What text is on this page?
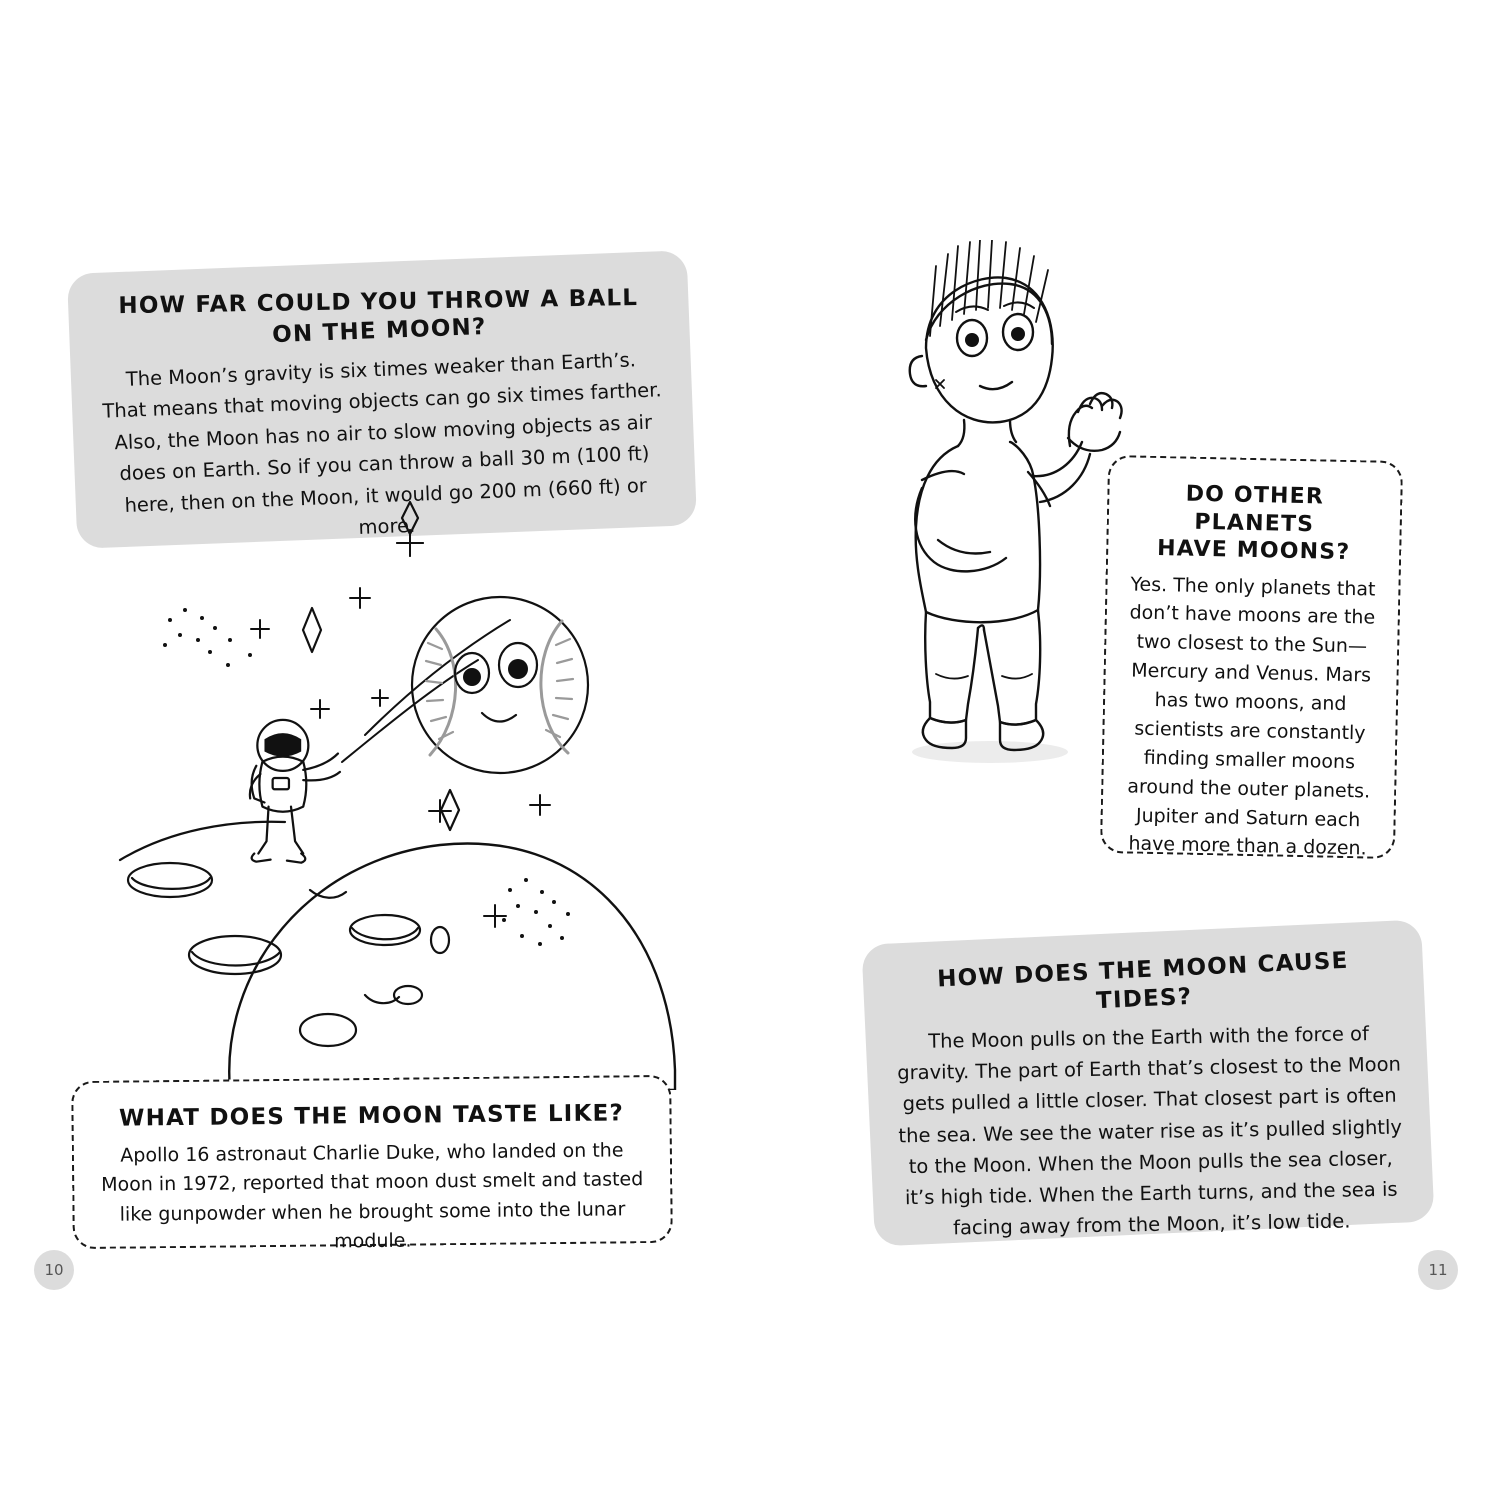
HOW FAR COULD YOU THROW A BALL
ON THE MOON?

The Moon’s gravity is six times weaker than Earth’s. That means that moving objects can go six times farther. Also, the Moon has no air to slow moving objects as air does on Earth. So if you can throw a ball 30 m (100 ft) here, then on the Moon, it would go 200 m (660 ft) or more.

WHAT DOES THE MOON TASTE LIKE?

Apollo 16 astronaut Charlie Duke, who landed on the Moon in 1972, reported that moon dust smelt and tasted like gunpowder when he brought some into the lunar module.

10
DO OTHER PLANETS
HAVE MOONS?

Yes. The only planets that don’t have moons are the two closest to the Sun—Mercury and Venus. Mars has two moons, and scientists are constantly finding smaller moons around the outer planets. Jupiter and Saturn each have more than a dozen.

HOW DOES THE MOON CAUSE TIDES?

The Moon pulls on the Earth with the force of gravity. The part of Earth that’s closest to the Moon gets pulled a little closer. That closest part is often the sea. We see the water rise as it’s pulled slightly to the Moon. When the Moon pulls the sea closer, it’s high tide. When the Earth turns, and the sea is facing away from the Moon, it’s low tide.

11
